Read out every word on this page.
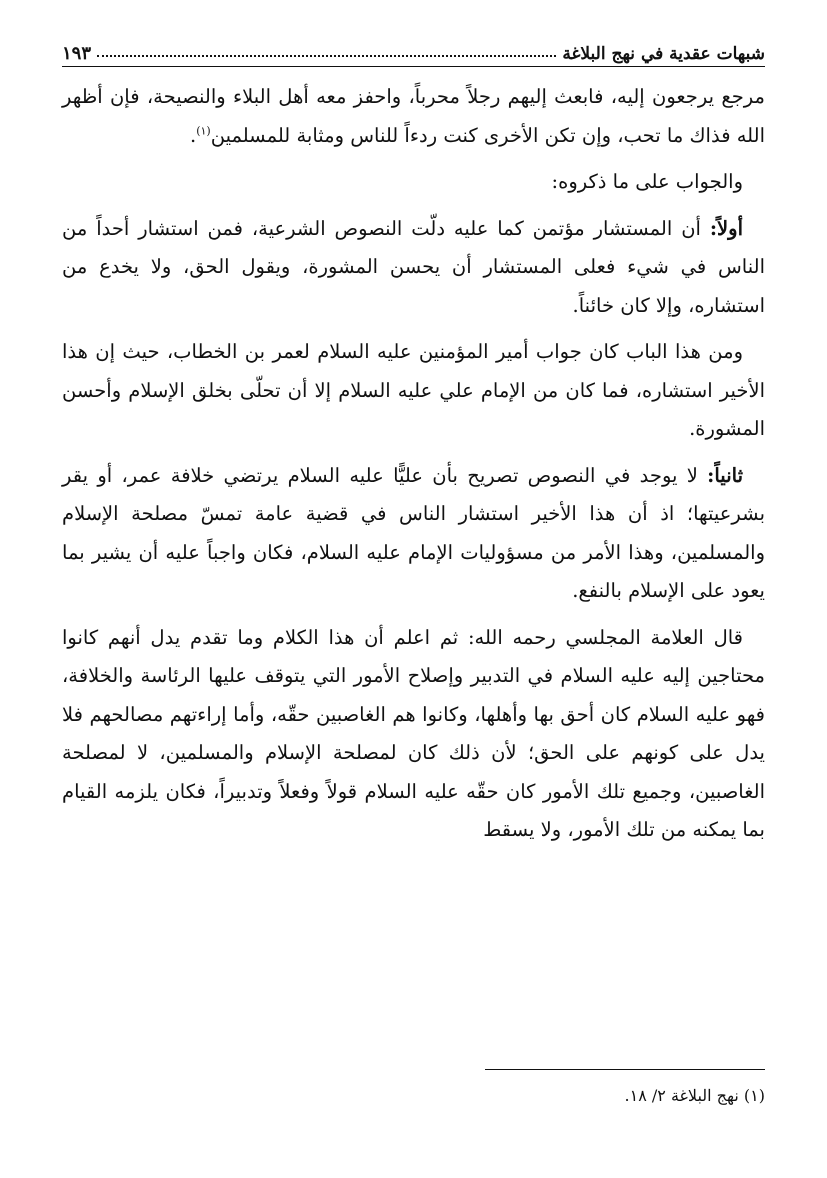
شبهات عقدية في نهج البلاغة
١٩٣

مرجع يرجعون إليه، فابعث إليهم رجلاً محرباً، واحفز معه أهل البلاء والنصيحة، فإن أظهر الله فذاك ما تحب، وإن تكن الأخرى كنت ردءاً للناس ومثابة للمسلمين$^{(١)}$.

والجواب على ما ذكروه:

أولاً: أن المستشار مؤتمن كما عليه دلّت النصوص الشرعية، فمن استشار أحداً من الناس في شيء فعلى المستشار أن يحسن المشورة، ويقول الحق، ولا يخدع من استشاره، وإلا كان خائناً.

ومن هذا الباب كان جواب أمير المؤمنين عليه السلام لعمر بن الخطاب، حيث إن هذا الأخير استشاره، فما كان من الإمام علي عليه السلام إلا أن تحلّى بخلق الإسلام وأحسن المشورة.

ثانياً: لا يوجد في النصوص تصريح بأن عليًّا عليه السلام يرتضي خلافة عمر، أو يقر بشرعيتها؛ اذ أن هذا الأخير استشار الناس في قضية عامة تمسّ مصلحة الإسلام والمسلمين، وهذا الأمر من مسؤوليات الإمام عليه السلام، فكان واجباً عليه أن يشير بما يعود على الإسلام بالنفع.

قال العلامة المجلسي رحمه الله: ثم اعلم أن هذا الكلام وما تقدم يدل أنهم كانوا محتاجين إليه عليه السلام في التدبير وإصلاح الأمور التي يتوقف عليها الرئاسة والخلافة، فهو عليه السلام كان أحق بها وأهلها، وكانوا هم الغاصبين حقّه، وأما إراءتهم مصالحهم فلا يدل على كونهم على الحق؛ لأن ذلك كان لمصلحة الإسلام والمسلمين، لا لمصلحة الغاصبين، وجميع تلك الأمور كان حقّه عليه السلام قولاً وفعلاً وتدبيراً، فكان يلزمه القيام بما يمكنه من تلك الأمور، ولا يسقط

(١) نهج البلاغة ٢/ ١٨.
